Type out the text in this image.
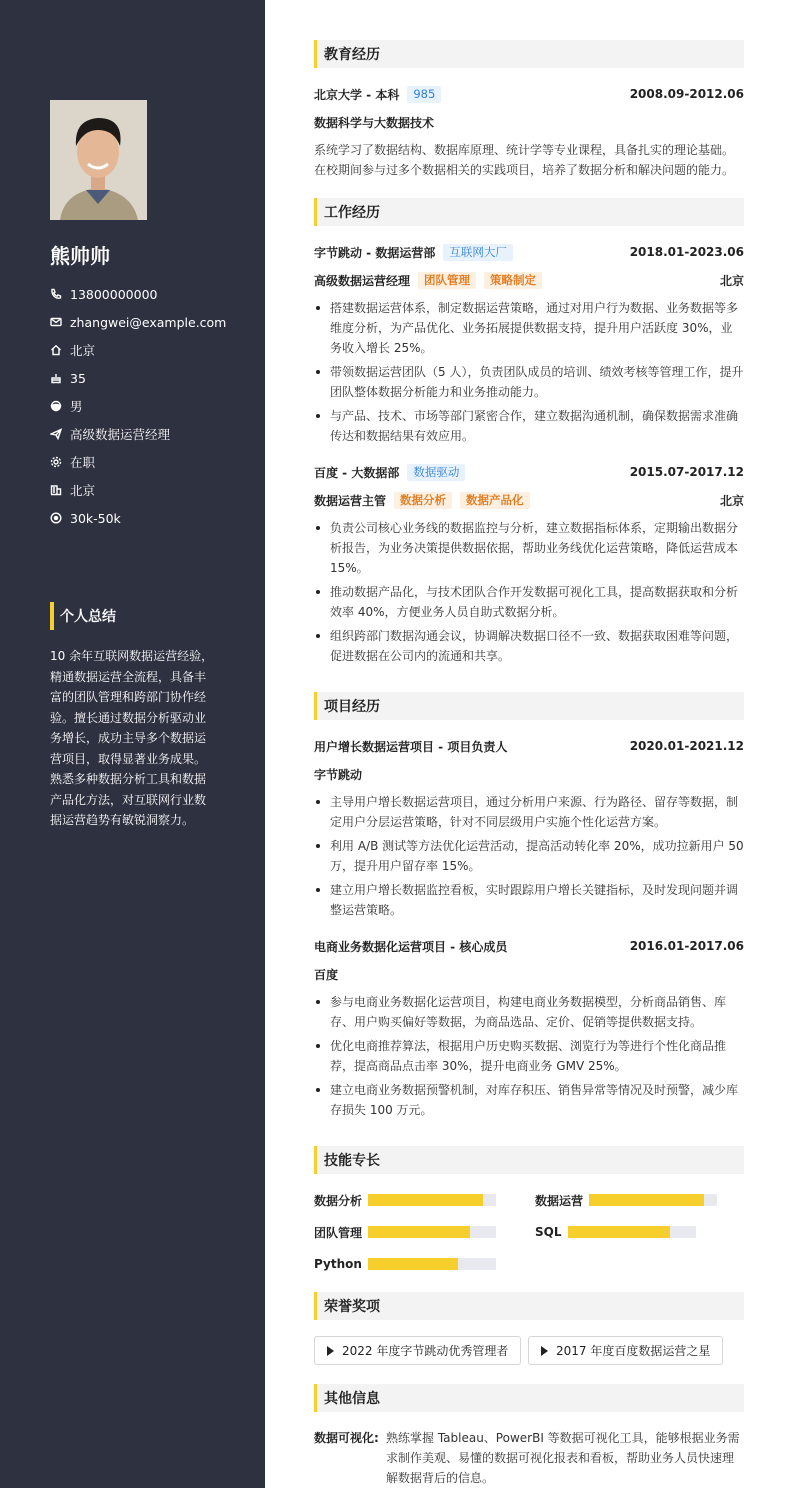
熊帅帅
13800000000
zhangwei@example.com
北京
35
男
高级数据运营经理
在职
北京
30k-50k
个人总结
10 余年互联网数据运营经验，精通数据运营全流程，具备丰富的团队管理和跨部门协作经验。擅长通过数据分析驱动业务增长，成功主导多个数据运营项目，取得显著业务成果。熟悉多种数据分析工具和数据产品化方法，对互联网行业数据运营趋势有敏锐洞察力。
教育经历
北京大学 - 本科	985	2008.09-2012.06
数据科学与大数据技术
系统学习了数据结构、数据库原理、统计学等专业课程，具备扎实的理论基础。在校期间参与过多个数据相关的实践项目，培养了数据分析和解决问题的能力。
工作经历
字节跳动 - 数据运营部	互联网大厂	2018.01-2023.06
高级数据运营经理	团队管理	策略制定	北京
搭建数据运营体系，制定数据运营策略，通过对用户行为数据、业务数据等多维度分析，为产品优化、业务拓展提供数据支持，提升用户活跃度 30%，业务收入增长 25%。
带领数据运营团队（5 人），负责团队成员的培训、绩效考核等管理工作，提升团队整体数据分析能力和业务推动能力。
与产品、技术、市场等部门紧密合作，建立数据沟通机制，确保数据需求准确传达和数据结果有效应用。
百度 - 大数据部	数据驱动	2015.07-2017.12
数据运营主管	数据分析	数据产品化	北京
负责公司核心业务线的数据监控与分析，建立数据指标体系，定期输出数据分析报告，为业务决策提供数据依据，帮助业务线优化运营策略，降低运营成本 15%。
推动数据产品化，与技术团队合作开发数据可视化工具，提高数据获取和分析效率 40%，方便业务人员自助式数据分析。
组织跨部门数据沟通会议，协调解决数据口径不一致、数据获取困难等问题，促进数据在公司内的流通和共享。
项目经历
用户增长数据运营项目 - 项目负责人	2020.01-2021.12
字节跳动
主导用户增长数据运营项目，通过分析用户来源、行为路径、留存等数据，制定用户分层运营策略，针对不同层级用户实施个性化运营方案。
利用 A/B 测试等方法优化运营活动，提高活动转化率 20%，成功拉新用户 50 万，提升用户留存率 15%。
建立用户增长数据监控看板，实时跟踪用户增长关键指标，及时发现问题并调整运营策略。
电商业务数据化运营项目 - 核心成员	2016.01-2017.06
百度
参与电商业务数据化运营项目，构建电商业务数据模型，分析商品销售、库存、用户购买偏好等数据，为商品选品、定价、促销等提供数据支持。
优化电商推荐算法，根据用户历史购买数据、浏览行为等进行个性化商品推荐，提高商品点击率 30%，提升电商业务 GMV 25%。
建立电商业务数据预警机制，对库存积压、销售异常等情况及时预警，减少库存损失 100 万元。
技能专长
数据分析	数据运营
团队管理	SQL
Python
荣誉奖项
2022 年度字节跳动优秀管理者	2017 年度百度数据运营之星
其他信息
数据可视化: 熟练掌握 Tableau、PowerBI 等数据可视化工具，能够根据业务需求制作美观、易懂的数据可视化报表和看板，帮助业务人员快速理解数据背后的信息。
